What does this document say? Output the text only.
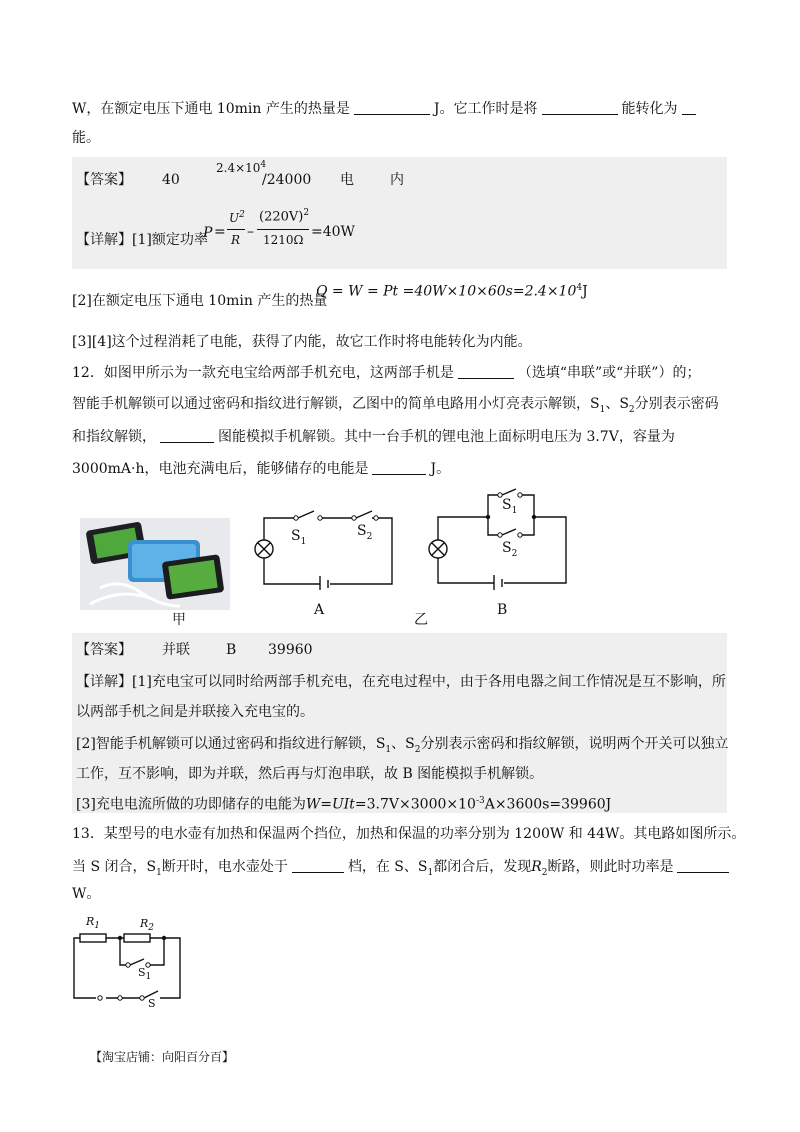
W，在额定电压下通电 10min 产生的热量是	J。它工作时是将	能转化为
能。
【答案】 40
$2.4\times 10^4$
/24000 电	内
【详解】[1]额定功率
P =
$U^2$
R –
$(220V)^2$
1210Ω =40W
[2]在额定电压下通电 10min 产生的热量
$Q = W = Pt =40W\times 10\times 60s=2.4\times 10^4J$
[3][4]这个过程消耗了电能，获得了内能，故它工作时将电能转化为内能。
12．如图甲所示为一款充电宝给两部手机充电，这两部手机是	（选填“串联”或“并联”）的；
智能手机解锁可以通过密码和指纹进行解锁，乙图中的简单电路用小灯亮表示解锁，$S_1$、$S_2$分别表示密码
和指纹解锁，	图能模拟手机解锁。其中一台手机的锂电池上面标明电压为 3.7V，容量为
3000mA·h，电池充满电后，能够储存的电能是	J。
甲
$S_1$
$S_2$
A
$S_1$
$S_2$
乙
B
【答案】 并联	B 39960
【详解】[1]充电宝可以同时给两部手机充电，在充电过程中，由于各用电器之间工作情况是互不影响，所
以两部手机之间是并联接入充电宝的。
[2]智能手机解锁可以通过密码和指纹进行解锁，$S_1$、$S_2$分别表示密码和指纹解锁，说明两个开关可以独立
工作，互不影响，即为并联，然后再与灯泡串联，故 B 图能模拟手机解锁。
[3]充电电流所做的功即储存的电能为$W=UIt=3.7V\times 3000\times 10^{-3}A\times 3600s=39960J$
13．某型号的电水壶有加热和保温两个挡位，加热和保温的功率分别为 1200W 和 44W。其电路如图所示。
当 S 闭合，$S_1$断开时，电水壶处于	档，在 S、$S_1$都闭合后，发现$R_2$断路，则此时功率是
W。
$R_1$	$R_2$
$S_1$
S
【淘宝店铺：向阳百分百】
